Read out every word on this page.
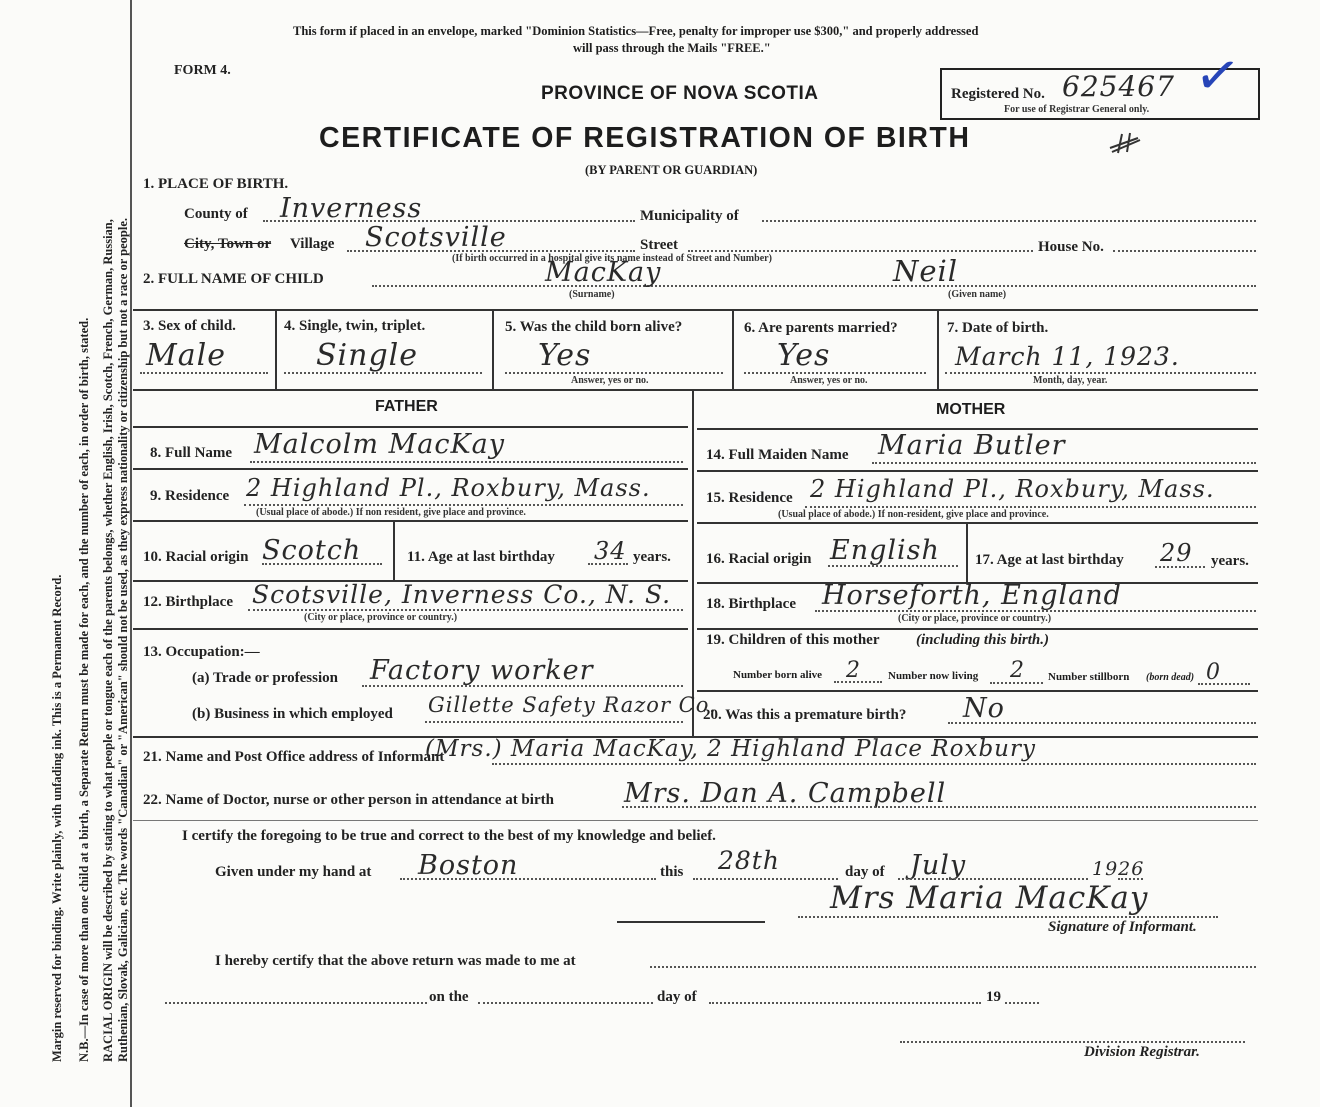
Margin reserved for binding. Write plainly, with unfading ink. This is a Permanent Record. N.B.—In case of more than one child at a birth, a Separate Return must be made for each, and the number of each, in order of birth, stated. RACIAL ORIGIN will be described by stating to what people or tongue each of the parents belongs, whether English, Irish, Scotch, French, German, Russian, Ruthenian, Slovak, Galician, etc. The words "Canadian" or "American" should not be used, as they express nationality or citizenship but not a race or people.
This form if placed in an envelope, marked "Dominion Statistics—Free, penalty for improper use $300," and properly addressed
will pass through the Mails "FREE."
FORM 4.
PROVINCE OF NOVA SCOTIA
CERTIFICATE OF REGISTRATION OF BIRTH
(BY PARENT OR GUARDIAN)
Registered No. 625467
For use of Registrar General only.
✓
1. PLACE OF BIRTH.
County of Inverness	Municipality of
City, Town or Village Scotsville	Street	House No.
(If birth occurred in a hospital give its name instead of Street and Number)
2. FULL NAME OF CHILD	MacKay
(Surname)
Neil
(Given name)
3. Sex of child.
Male
4. Single, twin, triplet.
Single
5. Was the child born alive?
Yes
Answer, yes or no.
6. Are parents married?
Yes
Answer, yes or no.
7. Date of birth.
March 11, 1923.
Month, day, year.
FATHER	MOTHER
8. Full Name Malcolm MacKay
9. Residence 2 Highland Pl., Roxbury, Mass.
(Usual place of abode.) If non resident, give place and province.
10. Racial origin Scotch	11. Age at last birthday 34 years.
12. Birthplace Scotsville, Inverness Co., N. S.
(City or place, province or country.)
13. Occupation:—
(a) Trade or profession Factory worker
(b) Business in which employed Gillette Safety Razor Co.
14. Full Maiden Name Maria Butler
15. Residence 2 Highland Pl., Roxbury, Mass.
(Usual place of abode.) If non-resident, give place and province.
16. Racial origin English 17. Age at last birthday 29 years.
18. Birthplace Horseforth, England
(City or place, province or country.)
19. Children of this mother (including this birth.)
Number born alive 2 Number now living 2 Number stillborn (born dead) 0
20. Was this a premature birth? No
21. Name and Post Office address of Informant
(Mrs.) Maria MacKay, 2 Highland Place Roxbury
22. Name of Doctor, nurse or other person in attendance at birth	Mrs. Dan A. Campbell
I certify the foregoing to be true and correct to the best of my knowledge and belief.
Given under my hand at Boston	this 28th	day of July	1926
Mrs Maria MacKay
Signature of Informant.
I hereby certify that the above return was made to me at
on the	day of	19
Division Registrar.
